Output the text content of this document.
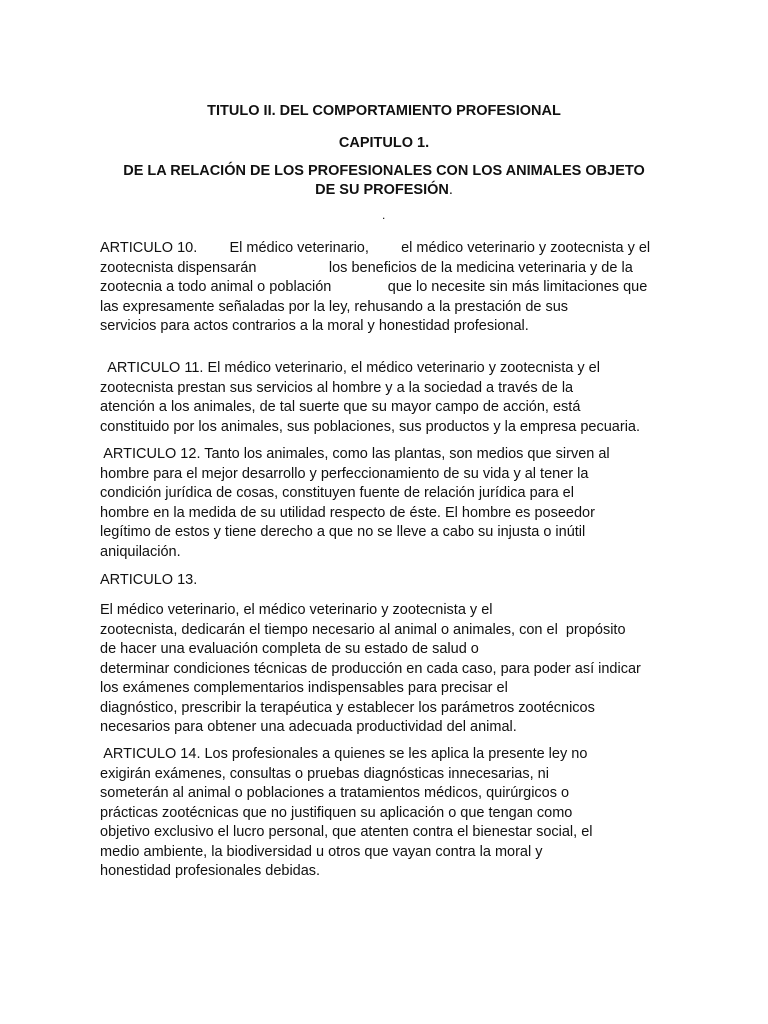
TITULO II. DEL COMPORTAMIENTO PROFESIONAL
CAPITULO 1.
DE LA RELACIÓN DE LOS PROFESIONALES CON LOS ANIMALES OBJETO
DE SU PROFESIÓN.
.
ARTICULO 10.        El médico veterinario,        el médico veterinario y zootecnista y el
zootecnista dispensarán                  los beneficios de la medicina veterinaria y de la
zootecnia a todo animal o población              que lo necesite sin más limitaciones que
las expresamente señaladas por la ley, rehusando a la prestación de sus
servicios para actos contrarios a la moral y honestidad profesional.
ARTICULO 11. El médico veterinario, el médico veterinario y zootecnista y el
zootecnista prestan sus servicios al hombre y a la sociedad a través de la
atención a los animales, de tal suerte que su mayor campo de acción, está
constituido por los animales, sus poblaciones, sus productos y la empresa pecuaria.
ARTICULO 12. Tanto los animales, como las plantas, son medios que sirven al
hombre para el mejor desarrollo y perfeccionamiento de su vida y al tener la
condición jurídica de cosas, constituyen fuente de relación jurídica para el
hombre en la medida de su utilidad respecto de éste. El hombre es poseedor
legítimo de estos y tiene derecho a que no se lleve a cabo su injusta o inútil
aniquilación.
ARTICULO 13.
El médico veterinario, el médico veterinario y zootecnista y el
zootecnista, dedicarán el tiempo necesario al animal o animales, con el  propósito
de hacer una evaluación completa de su estado de salud o
determinar condiciones técnicas de producción en cada caso, para poder así indicar
los exámenes complementarios indispensables para precisar el
diagnóstico, prescribir la terapéutica y establecer los parámetros zootécnicos
necesarios para obtener una adecuada productividad del animal.
ARTICULO 14. Los profesionales a quienes se les aplica la presente ley no
exigirán exámenes, consultas o pruebas diagnósticas innecesarias, ni
someterán al animal o poblaciones a tratamientos médicos, quirúrgicos o
prácticas zootécnicas que no justifiquen su aplicación o que tengan como
objetivo exclusivo el lucro personal, que atenten contra el bienestar social, el
medio ambiente, la biodiversidad u otros que vayan contra la moral y
honestidad profesionales debidas.
